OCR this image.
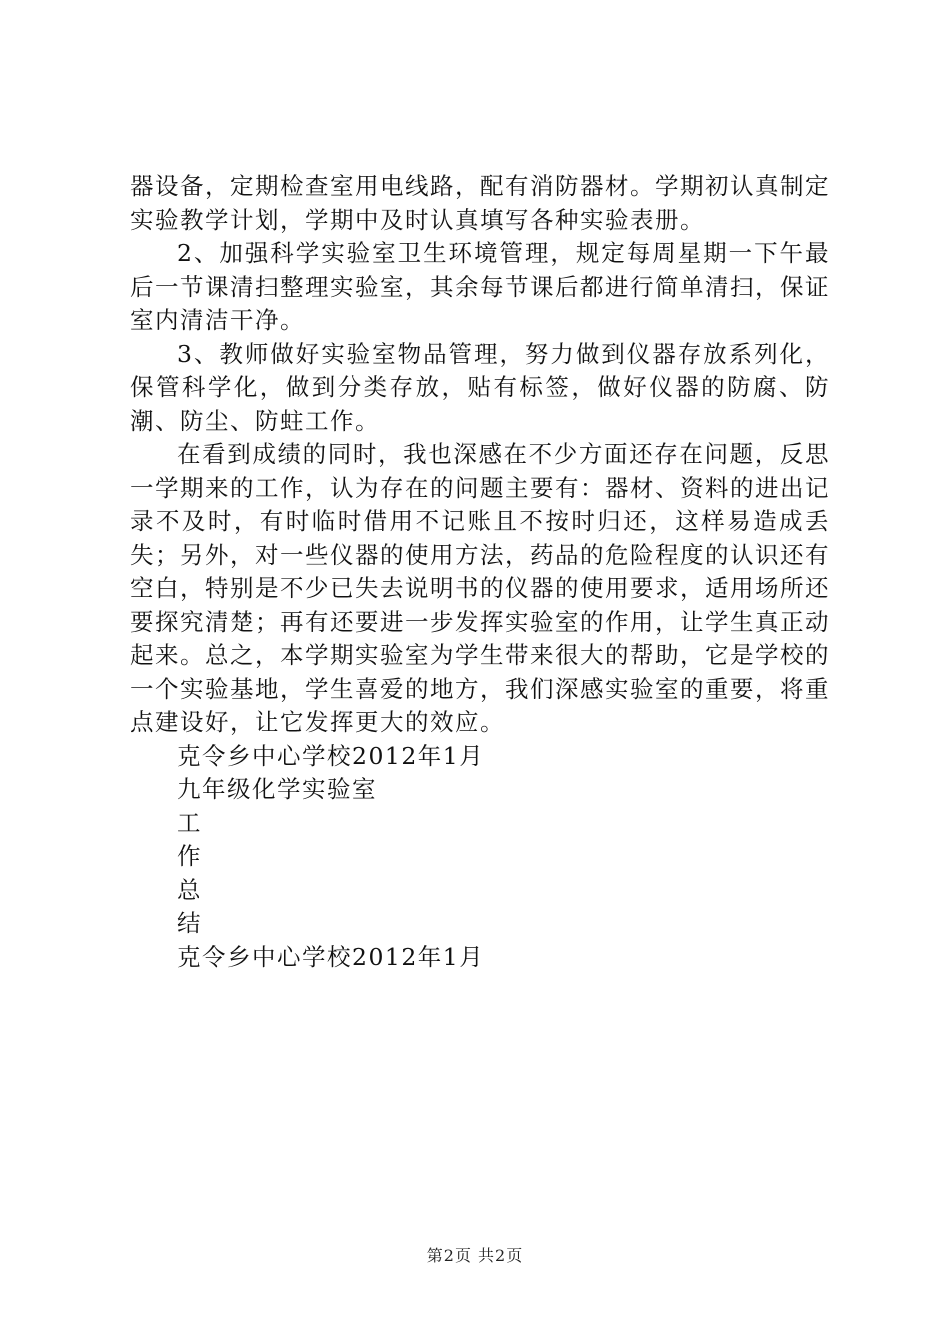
器设备，定期检查室用电线路，配有消防器材。学期初认真制定实验教学计划，学期中及时认真填写各种实验表册。

2、加强科学实验室卫生环境管理，规定每周星期一下午最后一节课清扫整理实验室，其余每节课后都进行简单清扫，保证室内清洁干净。

3、教师做好实验室物品管理，努力做到仪器存放系列化，保管科学化，做到分类存放，贴有标签，做好仪器的防腐、防潮、防尘、防蛀工作。

在看到成绩的同时，我也深感在不少方面还存在问题，反思一学期来的工作，认为存在的问题主要有：器材、资料的进出记录不及时，有时临时借用不记账且不按时归还，这样易造成丢失；另外，对一些仪器的使用方法，药品的危险程度的认识还有空白，特别是不少已失去说明书的仪器的使用要求，适用场所还要探究清楚；再有还要进一步发挥实验室的作用，让学生真正动起来。总之，本学期实验室为学生带来很大的帮助，它是学校的一个实验基地，学生喜爱的地方，我们深感实验室的重要，将重点建设好，让它发挥更大的效应。

克令乡中心学校2012年1月
九年级化学实验室
工
作
总
结
克令乡中心学校2012年1月
第2页 共2页
